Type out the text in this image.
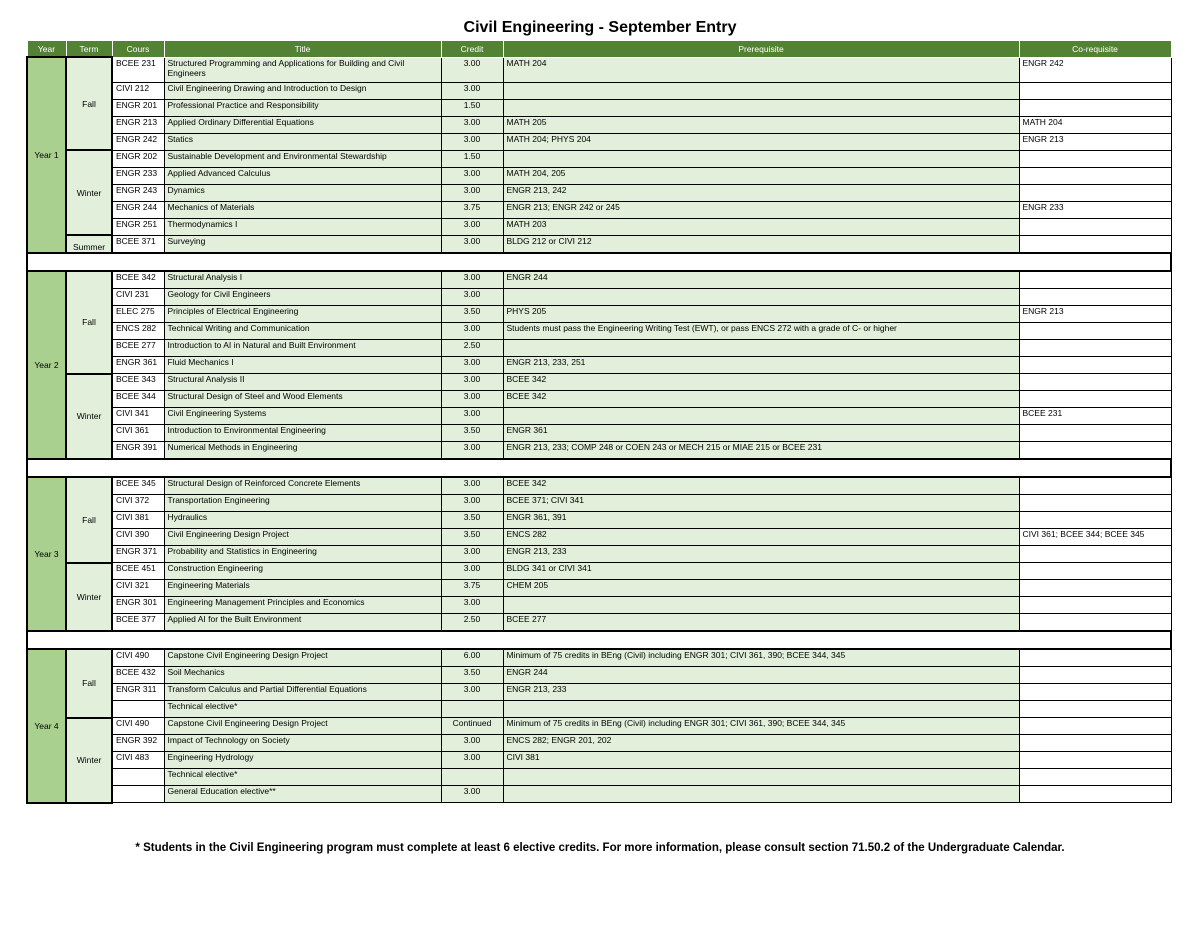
Civil Engineering - September Entry
Year	Term	Cours	Title	Credit	Prerequisite	Co-requisite
Year 1	Fall	BCEE 231	Structured Programming and Applications for Building and Civil Engineers	3.00	MATH 204	ENGR 242
		CIVI 212	Civil Engineering Drawing and Introduction to Design	3.00		
		ENGR 201	Professional Practice and Responsibility	1.50		
		ENGR 213	Applied Ordinary Differential Equations	3.00	MATH 205	MATH 204
		ENGR 242	Statics	3.00	MATH 204; PHYS 204	ENGR 213
	Winter	ENGR 202	Sustainable Development and Environmental Stewardship	1.50		
		ENGR 233	Applied Advanced Calculus	3.00	MATH 204, 205	
		ENGR 243	Dynamics	3.00	ENGR 213, 242	
		ENGR 244	Mechanics of Materials	3.75	ENGR 213; ENGR 242 or 245	ENGR 233
		ENGR 251	Thermodynamics I	3.00	MATH 203	
	Summer	BCEE 371	Surveying	3.00	BLDG 212 or CIVI 212	

Year 2	Fall	BCEE 342	Structural Analysis I	3.00	ENGR 244	
		CIVI 231	Geology for Civil Engineers	3.00		
		ELEC 275	Principles of Electrical Engineering	3.50	PHYS 205	ENGR 213
		ENCS 282	Technical Writing and Communication	3.00	Students must pass the Engineering Writing Test (EWT), or pass ENCS 272 with a grade of C- or higher	
		BCEE 277	Introduction to AI in Natural and Built Environment	2.50		
		ENGR 361	Fluid Mechanics I	3.00	ENGR 213, 233, 251	
	Winter	BCEE 343	Structural Analysis II	3.00	BCEE 342	
		BCEE 344	Structural Design of Steel and Wood Elements	3.00	BCEE 342	
		CIVI 341	Civil Engineering Systems	3.00		BCEE 231
		CIVI 361	Introduction to Environmental Engineering	3.50	ENGR 361	
		ENGR 391	Numerical Methods in Engineering	3.00	ENGR 213, 233; COMP 248 or COEN 243 or MECH 215 or MIAE 215 or BCEE 231	

Year 3	Fall	BCEE 345	Structural Design of Reinforced Concrete Elements	3.00	BCEE 342	
		CIVI 372	Transportation Engineering	3.00	BCEE 371; CIVI 341	
		CIVI 381	Hydraulics	3.50	ENGR 361, 391	
		CIVI 390	Civil Engineering Design Project	3.50	ENCS 282	CIVI 361; BCEE 344; BCEE 345
		ENGR 371	Probability and Statistics in Engineering	3.00	ENGR 213, 233	
	Winter	BCEE 451	Construction Engineering	3.00	BLDG 341 or CIVI 341	
		CIVI 321	Engineering Materials	3.75	CHEM 205	
		ENGR 301	Engineering Management Principles and Economics	3.00		
		BCEE 377	Applied AI for the Built Environment	2.50	BCEE 277	

Year 4	Fall	CIVI 490	Capstone Civil Engineering Design Project	6.00	Minimum of 75 credits in BEng (Civil) including ENGR 301; CIVI 361, 390; BCEE 344, 345	
		BCEE 432	Soil Mechanics	3.50	ENGR 244	
		ENGR 311	Transform Calculus and Partial Differential Equations	3.00	ENGR 213, 233	
			Technical elective*			
	Winter	CIVI 490	Capstone Civil Engineering Design Project	Continued	Minimum of 75 credits in BEng (Civil) including ENGR 301; CIVI 361, 390; BCEE 344, 345	
		ENGR 392	Impact of Technology on Society	3.00	ENCS 282; ENGR 201, 202	
		CIVI 483	Engineering Hydrology	3.00	CIVI 381	
			Technical elective*			
			General Education elective**	3.00		
* Students in the Civil Engineering program must complete at least 6 elective credits. For more information, please consult section 71.50.2 of the Undergraduate Calendar.
